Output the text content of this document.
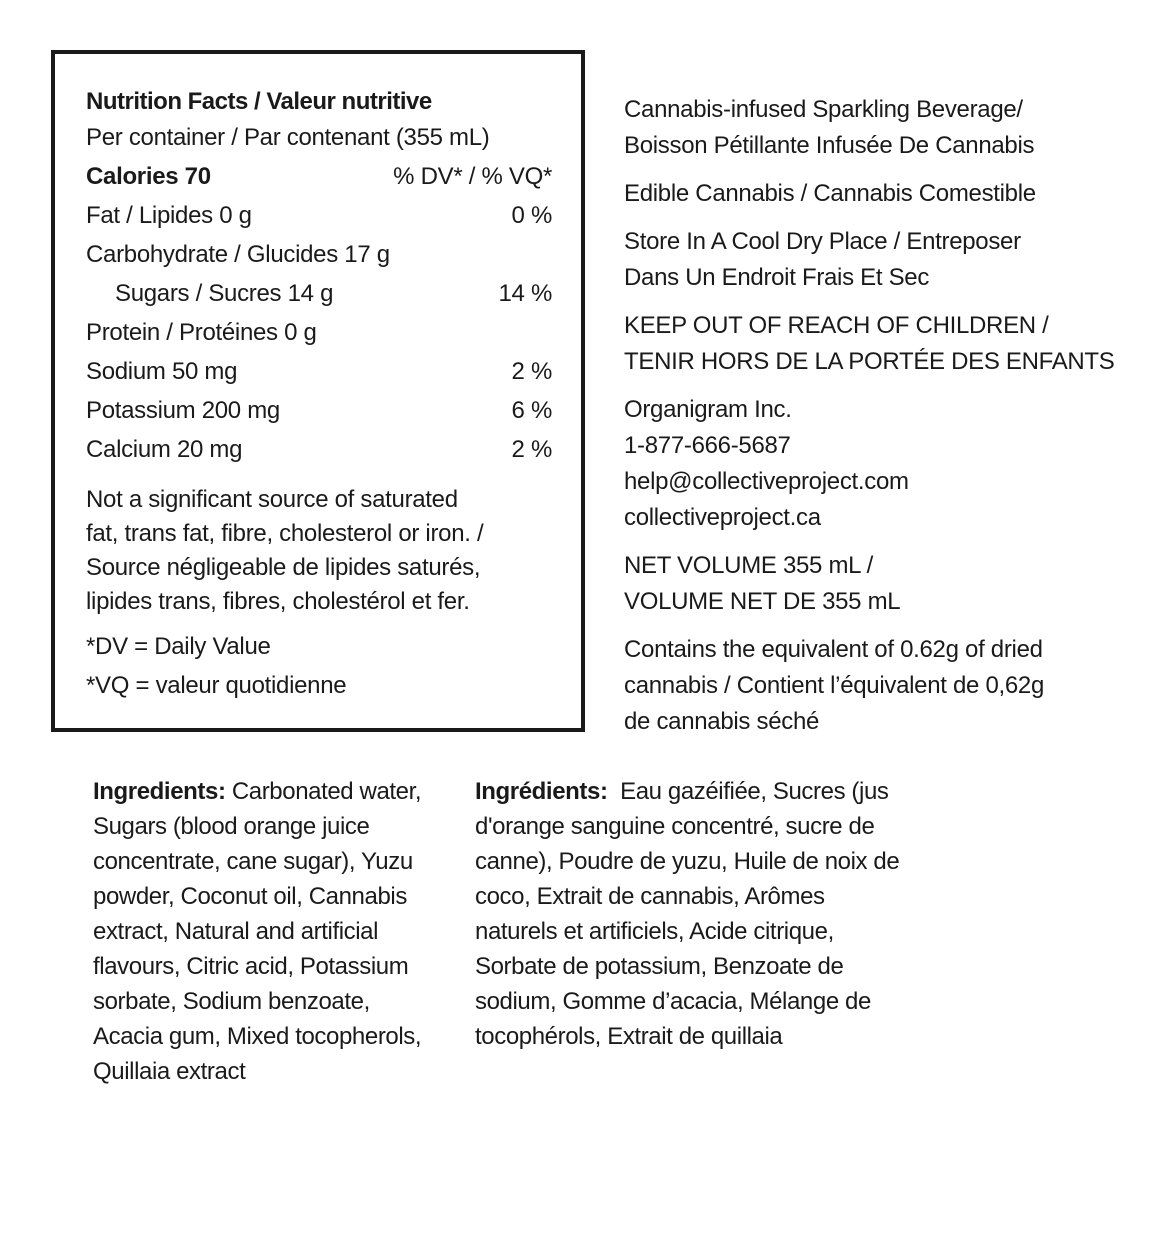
Nutrition Facts / Valeur nutritive
Per container / Par contenant (355 mL)
Calories 70	% DV* / % VQ*
Fat / Lipides 0 g	0 %
Carbohydrate / Glucides 17 g
Sugars / Sucres 14 g	14 %
Protein / Protéines 0 g
Sodium 50 mg	2 %
Potassium 200 mg	6 %
Calcium 20 mg	2 %
Not a significant source of saturated
fat, trans fat, fibre, cholesterol or iron. /
Source négligeable de lipides saturés,
lipides trans, fibres, cholestérol et fer.
*DV = Daily Value
*VQ = valeur quotidienne
Cannabis-infused Sparkling Beverage/
Boisson Pétillante Infusée De Cannabis
Edible Cannabis / Cannabis Comestible
Store In A Cool Dry Place / Entreposer
Dans Un Endroit Frais Et Sec
KEEP OUT OF REACH OF CHILDREN /
TENIR HORS DE LA PORTÉE DES ENFANTS
Organigram Inc.
1-877-666-5687
help@collectiveproject.com
collectiveproject.ca
NET VOLUME 355 mL /
VOLUME NET DE 355 mL
Contains the equivalent of 0.62g of dried
cannabis / Contient l’équivalent de 0,62g
de cannabis séché
Ingredients: Carbonated water, Sugars (blood orange juice concentrate, cane sugar), Yuzu powder, Coconut oil, Cannabis extract, Natural and artificial flavours, Citric acid, Potassium sorbate, Sodium benzoate, Acacia gum, Mixed tocopherols, Quillaia extract
Ingrédients: Eau gazéifiée, Sucres (jus d'orange sanguine concentré, sucre de canne), Poudre de yuzu, Huile de noix de coco, Extrait de cannabis, Arômes naturels et artificiels, Acide citrique, Sorbate de potassium, Benzoate de sodium, Gomme d’acacia, Mélange de tocophérols, Extrait de quillaia
